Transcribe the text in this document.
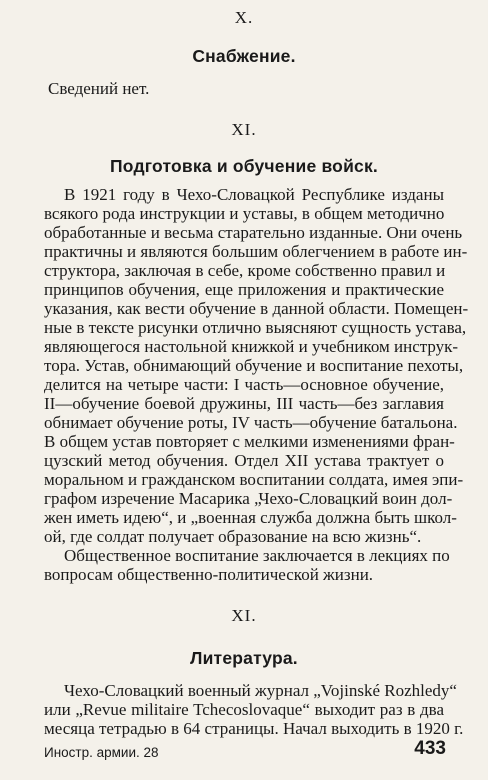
X.
Снабжение.
Сведений нет.
XI.
Подготовка и обучение войск.
В 1921 году в Чехо-Словацкой Республике изданы
всякого рода инструкции и уставы, в общем методично
обработанные и весьма старательно изданные. Они очень
практичны и являются большим облегчением в работе ин-
структора, заключая в себе, кроме собственно правил и
принципов обучения, еще приложения и практические
указания, как вести обучение в данной области. Помещен-
ные в тексте рисунки отлично выясняют сущность устава,
являющегося настольной книжкой и учебником инструк-
тора. Устав, обнимающий обучение и воспитание пехоты,
делится на четыре части: I часть—основное обучение,
II—обучение боевой дружины, III часть—без заглавия
обнимает обучение роты, IV часть—обучение батальона.
В общем устав повторяет с мелкими изменениями фран-
цузский метод обучения. Отдел XII устава трактует о
моральном и гражданском воспитании солдата, имея эпи-
графом изречение Масарика „Чехо-Словацкий воин дол-
жен иметь идею“, и „военная служба должна быть школ-
ой, где солдат получает образование на всю жизнь“.
Общественное воспитание заключается в лекциях по
вопросам общественно-политической жизни.
XI.
Литература.
Чехо-Словацкий военный журнал „Vojinské Rozhledy“
или „Revue militaire Tchecoslovaque“ выходит раз в два
месяца тетрадью в 64 страницы. Начал выходить в 1920 г.
Иностр. армии. 28	433
